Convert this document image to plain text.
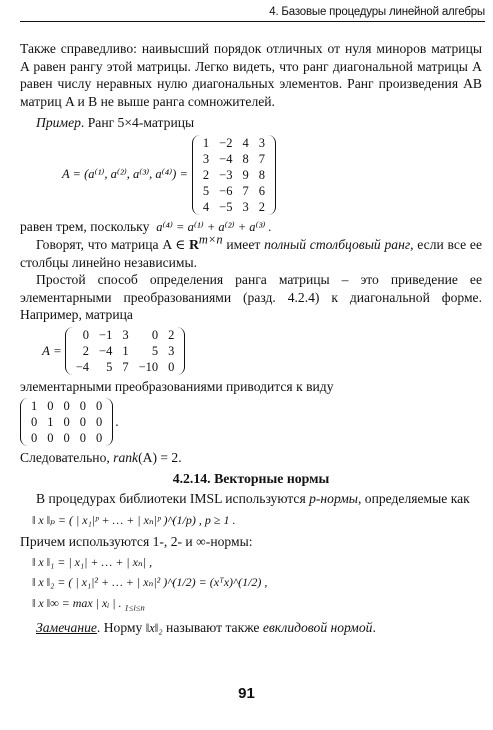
4. Базовые процедуры линейной алгебры

Также справедливо: наивысший порядок отличных от нуля миноров матрицы A равен рангу этой матрицы. Легко видеть, что ранг диагональной матрицы A равен числу неравных нулю диагональных элементов. Ранг произведения AB матриц A и B не выше ранга сомножителей.

Пример. Ранг 5×4-матрицы

A = (a⁽¹⁾, a⁽²⁾, a⁽³⁾, a⁽⁴⁾) =
1	−2	4	3
3	−4	8	7
2	−3	9	8
5	−6	7	6
4	−5	3	2

равен трем, поскольку a⁽⁴⁾ = a⁽¹⁾ + a⁽²⁾ + a⁽³⁾ .

Говорят, что матрица A ∈ $R^{m\times n}$ имеет полный столбцовый ранг, если все ее столбцы линейно независимы.

Простой способ определения ранга матрицы – это приведение ее элементарными преобразованиями (разд. 4.2.4) к диагональной форме. Например, матрица

A =
0	−1	3	0	2
2	−4	1	5	3
−4	5	7	−10	0

элементарными преобразованиями приводится к виду

1	0	0	0	0
0	1	0	0	0
0	0	0	0	0
.

Следовательно, rank(A) = 2.

4.2.14. Векторные нормы

В процедурах библиотеки IMSL используются p-нормы, определяемые как

‖ x ‖ₚ = ( | x₁|ᵖ + … + | xₙ|ᵖ )^(1/p) , p ≥ 1 .

Причем используются 1-, 2- и ∞-нормы:

‖ x ‖₁ = | x₁| + … + | xₙ| ,
‖ x ‖₂ = ( | x₁|² + … + | xₙ|² )^(1/2) = (xᵀx)^(1/2) ,
‖ x ‖∞ = max | xᵢ | . $_{1\le i\le n}$

Замечание. Норму ‖x‖₂ называют также евклидовой нормой.

91
